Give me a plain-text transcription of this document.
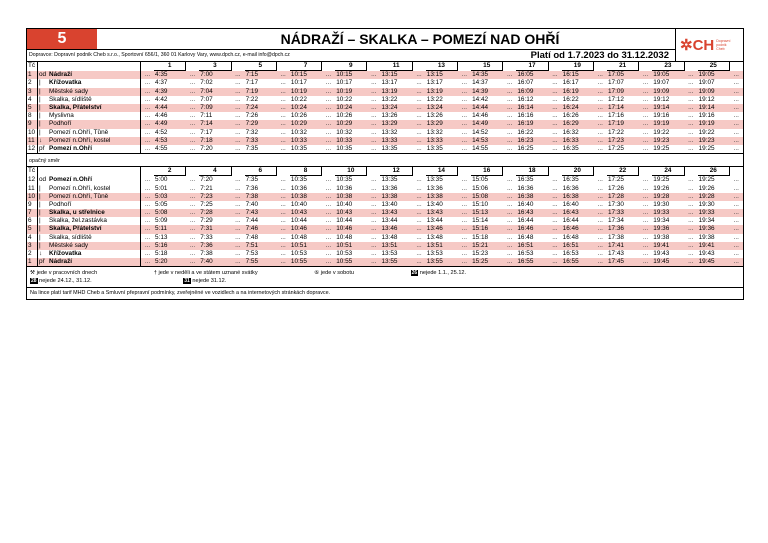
5	NÁDRAŽÍ – SKALKA – POMEZÍ NAD OHŘÍ	✲CH Dopravní
podnik
Cheb
Dopravce: Dopravní podnik Cheb s.r.o., Sportovní 656/1, 360 01 Karlovy Vary, www.dpch.cz, e-mail info@dpch.cz	Platí od 1.7.2023 do 31.12.2032
Tč				1		3		5		7		9		11		13		15		17		19		21		23		25	
1	od	Nádraží	...	4:35	...	7:00	...	7:15	...	10:15	...	10:15	...	13:15	...	13:15	...	14:35	...	16:05	...	16:15	...	17:05	...	19:05	...	19:05	...
2	|	Křížovatka	...	4:37	...	7:02	...	7:17	...	10:17	...	10:17	...	13:17	...	13:17	...	14:37	...	16:07	...	16:17	...	17:07	...	19:07	...	19:07	...
3	|	Městské sady	...	4:39	...	7:04	...	7:19	...	10:19	...	10:19	...	13:19	...	13:19	...	14:39	...	16:09	...	16:19	...	17:09	...	19:09	...	19:09	...
4	|	Skalka, sídliště	...	4:42	...	7:07	...	7:22	...	10:22	...	10:22	...	13:22	...	13:22	...	14:42	...	16:12	...	16:22	...	17:12	...	19:12	...	19:12	...
5	|	Skalka, Přátelství	...	4:44	...	7:09	...	7:24	...	10:24	...	10:24	...	13:24	...	13:24	...	14:44	...	16:14	...	16:24	...	17:14	...	19:14	...	19:14	...
8	|	Myslivna	...	4:46	...	7:11	...	7:26	...	10:26	...	10:26	...	13:26	...	13:26	...	14:46	...	16:16	...	16:26	...	17:16	...	19:16	...	19:16	...
9	|	Podhoří	...	4:49	...	7:14	...	7:29	...	10:29	...	10:29	...	13:29	...	13:29	...	14:49	...	16:19	...	16:29	...	17:19	...	19:19	...	19:19	...
10	|	Pomezí n.Ohří, Tůně	...	4:52	...	7:17	...	7:32	...	10:32	...	10:32	...	13:32	...	13:32	...	14:52	...	16:22	...	16:32	...	17:22	...	19:22	...	19:22	...
11	↓	Pomezí n.Ohří, kostel	...	4:53	...	7:18	...	7:33	...	10:33	...	10:33	...	13:33	...	13:33	...	14:53	...	16:23	...	16:33	...	17:23	...	19:23	...	19:23	...
12	př	Pomezí n.Ohří	...	4:55	...	7:20	...	7:35	...	10:35	...	10:35	...	13:35	...	13:35	...	14:55	...	16:25	...	16:35	...	17:25	...	19:25	...	19:25	...
opačný směr
Tč				2		4		6		8		10		12		14		16		18		20		22		24		26	
12	od	Pomezí n.Ohří	...	5:00	...	7:20	...	7:35	...	10:35	...	10:35	...	13:35	...	13:35	...	15:05	...	16:35	...	16:35	...	17:25	...	19:25	...	19:25	...
11	|	Pomezí n.Ohří, kostel	...	5:01	...	7:21	...	7:36	...	10:36	...	10:36	...	13:36	...	13:36	...	15:06	...	16:36	...	16:36	...	17:26	...	19:26	...	19:26	...
10	|	Pomezí n.Ohří, Tůně	...	5:03	...	7:23	...	7:38	...	10:38	...	10:38	...	13:38	...	13:38	...	15:08	...	16:38	...	16:38	...	17:28	...	19:28	...	19:28	...
9	|	Podhoří	...	5:05	...	7:25	...	7:40	...	10:40	...	10:40	...	13:40	...	13:40	...	15:10	...	16:40	...	16:40	...	17:30	...	19:30	...	19:30	...
7	|	Skalka, u střelnice	...	5:08	...	7:28	...	7:43	...	10:43	...	10:43	...	13:43	...	13:43	...	15:13	...	16:43	...	16:43	...	17:33	...	19:33	...	19:33	...
6	|	Skalka, žel.zastávka	...	5:09	...	7:29	...	7:44	...	10:44	...	10:44	...	13:44	...	13:44	...	15:14	...	16:44	...	16:44	...	17:34	...	19:34	...	19:34	...
5	|	Skalka, Přátelství	...	5:11	...	7:31	...	7:46	...	10:46	...	10:46	...	13:46	...	13:46	...	15:16	...	16:46	...	16:46	...	17:36	...	19:36	...	19:36	...
4	|	Skalka, sídliště	...	5:13	...	7:33	...	7:48	...	10:48	...	10:48	...	13:48	...	13:48	...	15:18	...	16:48	...	16:48	...	17:38	...	19:38	...	19:38	...
3	|	Městské sady	...	5:16	...	7:36	...	7:51	...	10:51	...	10:51	...	13:51	...	13:51	...	15:21	...	16:51	...	16:51	...	17:41	...	19:41	...	19:41	...
2	↓	Křížovatka	...	5:18	...	7:38	...	7:53	...	10:53	...	10:53	...	13:53	...	13:53	...	15:23	...	16:53	...	16:53	...	17:43	...	19:43	...	19:43	...
1	př	Nádraží	...	5:20	...	7:40	...	7:55	...	10:55	...	10:55	...	13:55	...	13:55	...	15:25	...	16:55	...	16:55	...	17:45	...	19:45	...	19:45	...
⚒ jede v pracovních dnech	† jede v neděli a ve státem uznané svátky	⑥ jede v sobotu	26 nejede 1.1., 25.12.
28 nejede 24.12., 31.12.	31 nejede 31.12.
Na lince platí tarif MHD Cheb a Smluvní přepravní podmínky, zveřejněné ve vozidlech a na internetových stránkách dopravce.
